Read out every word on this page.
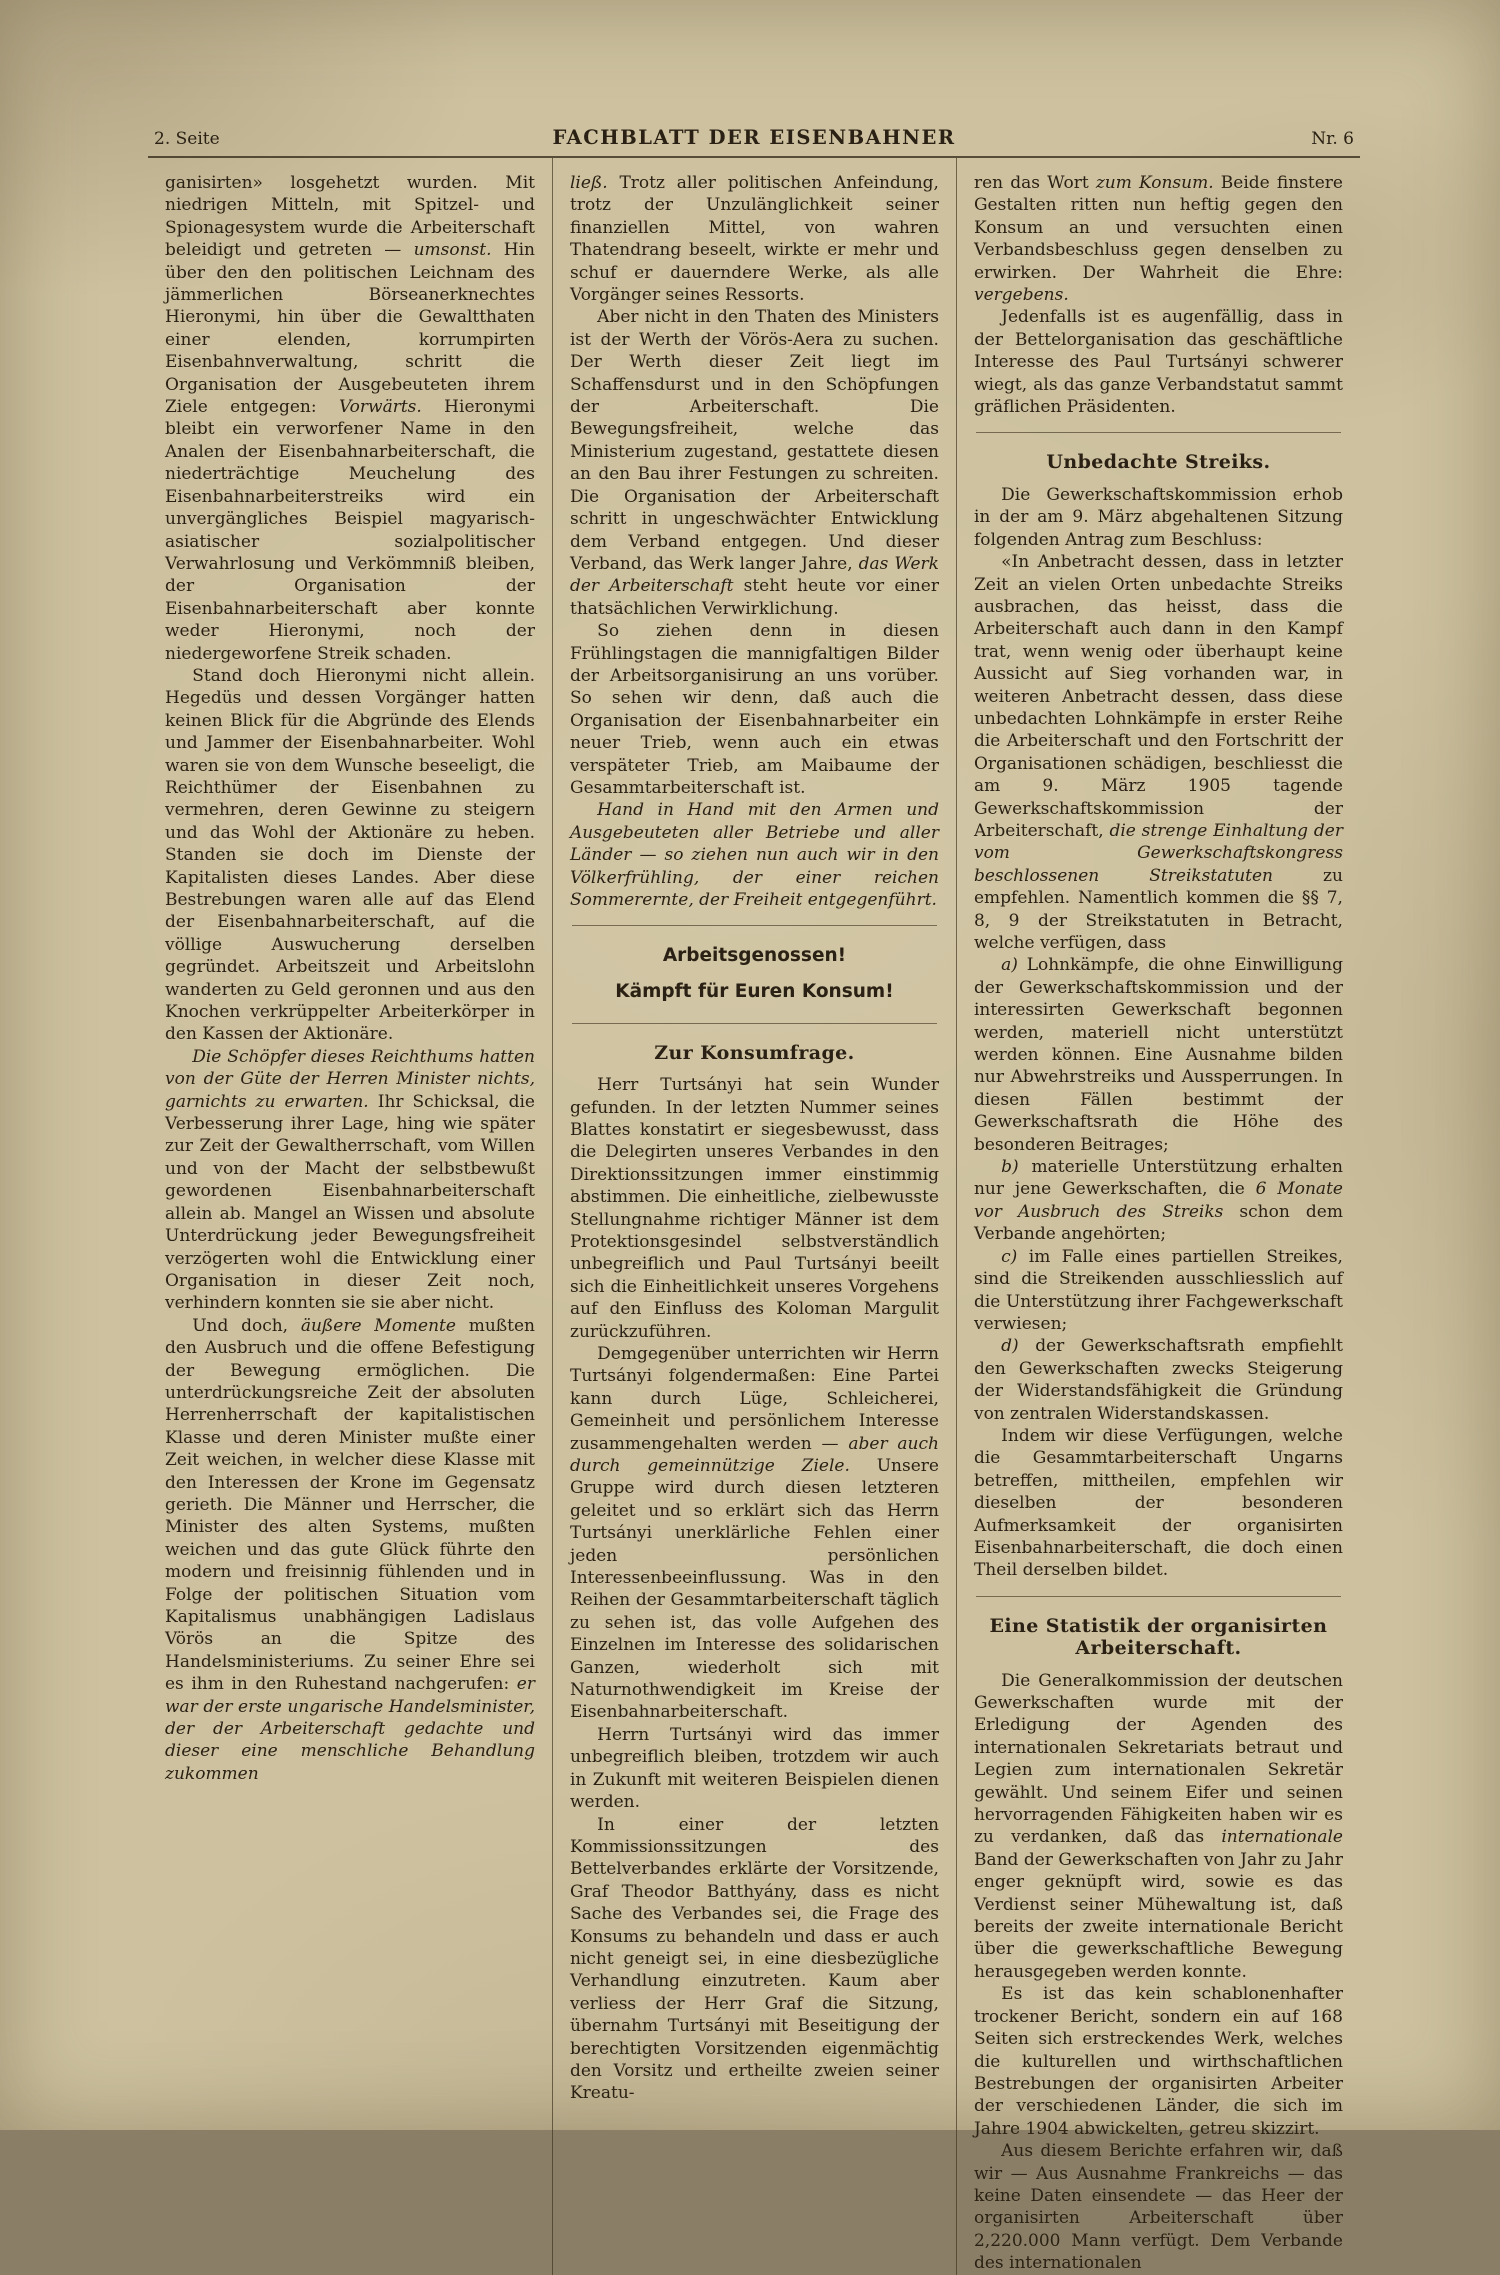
2. Seite	FACHBLATT DER EISENBAHNER	Nr. 6

ganisirten» losgehetzt wurden. Mit niedrigen Mitteln, mit Spitzel- und Spionagesystem wurde die Arbeiterschaft beleidigt und getreten — umsonst. Hin über den den politischen Leichnam des jämmerlichen Börseanerknechtes Hieronymi, hin über die Gewaltthaten einer elenden, korrumpirten Eisenbahnverwaltung, schritt die Organisation der Ausgebeuteten ihrem Ziele entgegen: Vorwärts. Hieronymi bleibt ein verworfener Name in den Analen der Eisenbahnarbeiterschaft, die niederträchtige Meuchelung des Eisenbahnarbeiterstreiks wird ein unvergängliches Beispiel magyarisch-asiatischer sozialpolitischer Verwahrlosung und Verkömmniß bleiben, der Organisation der Eisenbahnarbeiterschaft aber konnte weder Hieronymi, noch der niedergeworfene Streik schaden.

Stand doch Hieronymi nicht allein. Hegedüs und dessen Vorgänger hatten keinen Blick für die Abgründe des Elends und Jammer der Eisenbahnarbeiter. Wohl waren sie von dem Wunsche beseeligt, die Reichthümer der Eisenbahnen zu vermehren, deren Gewinne zu steigern und das Wohl der Aktionäre zu heben. Standen sie doch im Dienste der Kapitalisten dieses Landes. Aber diese Bestrebungen waren alle auf das Elend der Eisenbahnarbeiterschaft, auf die völlige Auswucherung derselben gegründet. Arbeitszeit und Arbeitslohn wanderten zu Geld geronnen und aus den Knochen verkrüppelter Arbeiterkörper in den Kassen der Aktionäre.

Die Schöpfer dieses Reichthums hatten von der Güte der Herren Minister nichts, garnichts zu erwarten. Ihr Schicksal, die Verbesserung ihrer Lage, hing wie später zur Zeit der Gewaltherrschaft, vom Willen und von der Macht der selbstbewußt gewordenen Eisenbahnarbeiterschaft allein ab. Mangel an Wissen und absolute Unterdrückung jeder Bewegungsfreiheit verzögerten wohl die Entwicklung einer Organisation in dieser Zeit noch, verhindern konnten sie sie aber nicht.

Und doch, äußere Momente mußten den Ausbruch und die offene Befestigung der Bewegung ermöglichen. Die unterdrückungsreiche Zeit der absoluten Herrenherrschaft der kapitalistischen Klasse und deren Minister mußte einer Zeit weichen, in welcher diese Klasse mit den Interessen der Krone im Gegensatz gerieth. Die Männer und Herrscher, die Minister des alten Systems, mußten weichen und das gute Glück führte den modern und freisinnig fühlenden und in Folge der politischen Situation vom Kapitalismus unabhängigen Ladislaus Vörös an die Spitze des Handelsministeriums. Zu seiner Ehre sei es ihm in den Ruhestand nachgerufen: er war der erste ungarische Handelsminister, der der Arbeiterschaft gedachte und dieser eine menschliche Behandlung zukommen

ließ. Trotz aller politischen Anfeindung, trotz der Unzulänglichkeit seiner finanziellen Mittel, von wahren Thatendrang beseelt, wirkte er mehr und schuf er dauerndere Werke, als alle Vorgänger seines Ressorts.

Aber nicht in den Thaten des Ministers ist der Werth der Vörös-Aera zu suchen. Der Werth dieser Zeit liegt im Schaffensdurst und in den Schöpfungen der Arbeiterschaft. Die Bewegungsfreiheit, welche das Ministerium zugestand, gestattete diesen an den Bau ihrer Festungen zu schreiten. Die Organisation der Arbeiterschaft schritt in ungeschwächter Entwicklung dem Verband entgegen. Und dieser Verband, das Werk langer Jahre, das Werk der Arbeiterschaft steht heute vor einer thatsächlichen Verwirklichung.

So ziehen denn in diesen Frühlingstagen die mannigfaltigen Bilder der Arbeitsorganisirung an uns vorüber. So sehen wir denn, daß auch die Organisation der Eisenbahnarbeiter ein neuer Trieb, wenn auch ein etwas verspäteter Trieb, am Maibaume der Gesammtarbeiterschaft ist.

Hand in Hand mit den Armen und Ausgebeuteten aller Betriebe und aller Länder — so ziehen nun auch wir in den Völkerfrühling, der einer reichen Sommerernte, der Freiheit entgegenführt.

Arbeitsgenossen!
Kämpft für Euren Konsum!
Zur Konsumfrage.

Herr Turtsányi hat sein Wunder gefunden. In der letzten Nummer seines Blattes konstatirt er siegesbewusst, dass die Delegirten unseres Verbandes in den Direktionssitzungen immer einstimmig abstimmen. Die einheitliche, zielbewusste Stellungnahme richtiger Männer ist dem Protektionsgesindel selbstverständlich unbegreiflich und Paul Turtsányi beeilt sich die Einheitlichkeit unseres Vorgehens auf den Einfluss des Koloman Margulit zurückzuführen.

Demgegenüber unterrichten wir Herrn Turtsányi folgendermaßen: Eine Partei kann durch Lüge, Schleicherei, Gemeinheit und persönlichem Interesse zusammengehalten werden — aber auch durch gemeinnützige Ziele. Unsere Gruppe wird durch diesen letzteren geleitet und so erklärt sich das Herrn Turtsányi unerklärliche Fehlen einer jeden persönlichen Interessenbeeinflussung. Was in den Reihen der Gesammtarbeiterschaft täglich zu sehen ist, das volle Aufgehen des Einzelnen im Interesse des solidarischen Ganzen, wiederholt sich mit Naturnothwendigkeit im Kreise der Eisenbahnarbeiterschaft.

Herrn Turtsányi wird das immer unbegreiflich bleiben, trotzdem wir auch in Zukunft mit weiteren Beispielen dienen werden.

In einer der letzten Kommissionssitzungen des Bettelverbandes erklärte der Vorsitzende, Graf Theodor Batthyány, dass es nicht Sache des Verbandes sei, die Frage des Konsums zu behandeln und dass er auch nicht geneigt sei, in eine diesbezügliche Verhandlung einzutreten. Kaum aber verliess der Herr Graf die Sitzung, übernahm Turtsányi mit Beseitigung der berechtigten Vorsitzenden eigenmächtig den Vorsitz und ertheilte zweien seiner Kreatu-

ren das Wort zum Konsum. Beide finstere Gestalten ritten nun heftig gegen den Konsum an und versuchten einen Verbandsbeschluss gegen denselben zu erwirken. Der Wahrheit die Ehre: vergebens.

Jedenfalls ist es augenfällig, dass in der Bettelorganisation das geschäftliche Interesse des Paul Turtsányi schwerer wiegt, als das ganze Verbandstatut sammt gräflichen Präsidenten.

Unbedachte Streiks.

Die Gewerkschaftskommission erhob in der am 9. März abgehaltenen Sitzung folgenden Antrag zum Beschluss:

«In Anbetracht dessen, dass in letzter Zeit an vielen Orten unbedachte Streiks ausbrachen, das heisst, dass die Arbeiterschaft auch dann in den Kampf trat, wenn wenig oder überhaupt keine Aussicht auf Sieg vorhanden war, in weiteren Anbetracht dessen, dass diese unbedachten Lohnkämpfe in erster Reihe die Arbeiterschaft und den Fortschritt der Organisationen schädigen, beschliesst die am 9. März 1905 tagende Gewerkschaftskommission der Arbeiterschaft, die strenge Einhaltung der vom Gewerkschaftskongress beschlossenen Streikstatuten zu empfehlen. Namentlich kommen die §§ 7, 8, 9 der Streikstatuten in Betracht, welche verfügen, dass

a) Lohnkämpfe, die ohne Einwilligung der Gewerkschaftskommission und der interessirten Gewerkschaft begonnen werden, materiell nicht unterstützt werden können. Eine Ausnahme bilden nur Abwehrstreiks und Aussperrungen. In diesen Fällen bestimmt der Gewerkschaftsrath die Höhe des besonderen Beitrages;

b) materielle Unterstützung erhalten nur jene Gewerkschaften, die 6 Monate vor Ausbruch des Streiks schon dem Verbande angehörten;

c) im Falle eines partiellen Streikes, sind die Streikenden ausschliesslich auf die Unterstützung ihrer Fachgewerkschaft verwiesen;

d) der Gewerkschaftsrath empfiehlt den Gewerkschaften zwecks Steigerung der Widerstandsfähigkeit die Gründung von zentralen Widerstandskassen.

Indem wir diese Verfügungen, welche die Gesammtarbeiterschaft Ungarns betreffen, mittheilen, empfehlen wir dieselben der besonderen Aufmerksamkeit der organisirten Eisenbahnarbeiterschaft, die doch einen Theil derselben bildet.

Eine Statistik der organisirten Arbeiterschaft.

Die Generalkommission der deutschen Gewerkschaften wurde mit der Erledigung der Agenden des internationalen Sekretariats betraut und Legien zum internationalen Sekretär gewählt. Und seinem Eifer und seinen hervorragenden Fähigkeiten haben wir es zu verdanken, daß das internationale Band der Gewerkschaften von Jahr zu Jahr enger geknüpft wird, sowie es das Verdienst seiner Mühewaltung ist, daß bereits der zweite internationale Bericht über die gewerkschaftliche Bewegung herausgegeben werden konnte.

Es ist das kein schablonenhafter trockener Bericht, sondern ein auf 168 Seiten sich erstreckendes Werk, welches die kulturellen und wirthschaftlichen Bestrebungen der organisirten Arbeiter der verschiedenen Länder, die sich im Jahre 1904 abwickelten, getreu skizzirt.

Aus diesem Berichte erfahren wir, daß wir — Aus Ausnahme Frankreichs — das keine Daten einsendete — das Heer der organisirten Arbeiterschaft über 2,220.000 Mann verfügt. Dem Verbande des internationalen
